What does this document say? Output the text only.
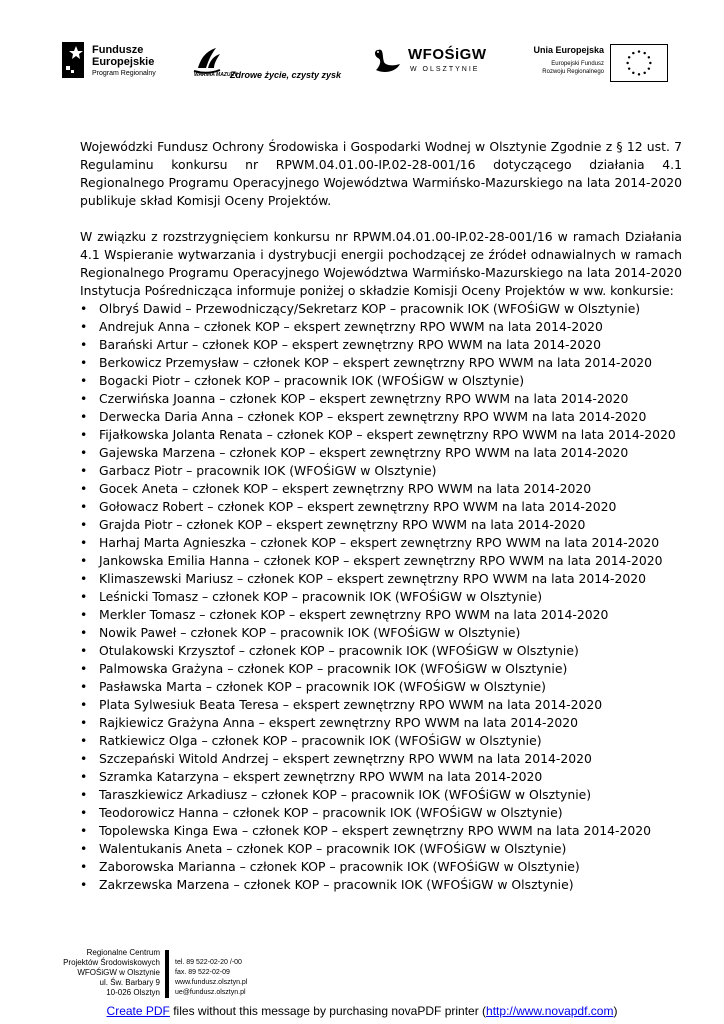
Fundusze
Europejskie
Program Regionalny	WARMIA MAZURY
Zdrowe życie, czysty zysk
WFOŚiGW
W OLSZTYNIE
Unia Europejska
Europejski Fundusz
Rozwoju Regionalnego

Wojewódzki Fundusz Ochrony Środowiska i Gospodarki Wodnej w Olsztynie Zgodnie z § 12 ust. 7 Regulaminu konkursu nr RPWM.04.01.00-IP.02-28-001/16 dotyczącego działania 4.1 Regionalnego Programu Operacyjnego Województwa Warmińsko-Mazurskiego na lata 2014-2020 publikuje skład Komisji Oceny Projektów.

W związku z rozstrzygnięciem konkursu nr RPWM.04.01.00-IP.02-28-001/16 w ramach Działania 4.1 Wspieranie wytwarzania i dystrybucji energii pochodzącej ze źródeł odnawialnych w ramach Regionalnego Programu Operacyjnego Województwa Warmińsko-Mazurskiego na lata 2014-2020 Instytucja Pośrednicząca informuje poniżej o składzie Komisji Oceny Projektów w ww. konkursie:

• Olbryś Dawid – Przewodniczący/Sekretarz KOP – pracownik IOK (WFOŚiGW w Olsztynie)
• Andrejuk Anna – członek KOP – ekspert zewnętrzny RPO WWM na lata 2014-2020
• Barański Artur – członek KOP – ekspert zewnętrzny RPO WWM na lata 2014-2020
• Berkowicz Przemysław – członek KOP – ekspert zewnętrzny RPO WWM na lata 2014-2020
• Bogacki Piotr – członek KOP – pracownik IOK (WFOŚiGW w Olsztynie)
• Czerwińska Joanna – członek KOP – ekspert zewnętrzny RPO WWM na lata 2014-2020
• Derwecka Daria Anna – członek KOP – ekspert zewnętrzny RPO WWM na lata 2014-2020
• Fijałkowska Jolanta Renata – członek KOP – ekspert zewnętrzny RPO WWM na lata 2014-2020
• Gajewska Marzena – członek KOP – ekspert zewnętrzny RPO WWM na lata 2014-2020
• Garbacz Piotr – pracownik IOK (WFOŚiGW w Olsztynie)
• Gocek Aneta – członek KOP – ekspert zewnętrzny RPO WWM na lata 2014-2020
• Gołowacz Robert – członek KOP – ekspert zewnętrzny RPO WWM na lata 2014-2020
• Grajda Piotr – członek KOP – ekspert zewnętrzny RPO WWM na lata 2014-2020
• Harhaj Marta Agnieszka – członek KOP – ekspert zewnętrzny RPO WWM na lata 2014-2020
• Jankowska Emilia Hanna – członek KOP – ekspert zewnętrzny RPO WWM na lata 2014-2020
• Klimaszewski Mariusz – członek KOP – ekspert zewnętrzny RPO WWM na lata 2014-2020
• Leśnicki Tomasz – członek KOP – pracownik IOK (WFOŚiGW w Olsztynie)
• Merkler Tomasz – członek KOP – ekspert zewnętrzny RPO WWM na lata 2014-2020
• Nowik Paweł – członek KOP – pracownik IOK (WFOŚiGW w Olsztynie)
• Otulakowski Krzysztof – członek KOP – pracownik IOK (WFOŚiGW w Olsztynie)
• Palmowska Grażyna – członek KOP – pracownik IOK (WFOŚiGW w Olsztynie)
• Pasławska Marta – członek KOP – pracownik IOK (WFOŚiGW w Olsztynie)
• Plata Sylwesiuk Beata Teresa – ekspert zewnętrzny RPO WWM na lata 2014-2020
• Rajkiewicz Grażyna Anna – ekspert zewnętrzny RPO WWM na lata 2014-2020
• Ratkiewicz Olga – członek KOP – pracownik IOK (WFOŚiGW w Olsztynie)
• Szczepański Witold Andrzej – ekspert zewnętrzny RPO WWM na lata 2014-2020
• Szramka Katarzyna – ekspert zewnętrzny RPO WWM na lata 2014-2020
• Taraszkiewicz Arkadiusz – członek KOP – pracownik IOK (WFOŚiGW w Olsztynie)
• Teodorowicz Hanna – członek KOP – pracownik IOK (WFOŚiGW w Olsztynie)
• Topolewska Kinga Ewa – członek KOP – ekspert zewnętrzny RPO WWM na lata 2014-2020
• Walentukanis Aneta – członek KOP – pracownik IOK (WFOŚiGW w Olsztynie)
• Zaborowska Marianna – członek KOP – pracownik IOK (WFOŚiGW w Olsztynie)
• Zakrzewska Marzena – członek KOP – pracownik IOK (WFOŚiGW w Olsztynie)
Regionalne Centrum
Projektów Środowiskowych
WFOŚiGW w Olsztynie
ul. Św. Barbary 9
10-026 Olsztyn
tel. 89 522-02-20 /-00
fax. 89 522-02-09
www.fundusz.olsztyn.pl
ue@fundusz.olsztyn.pl
Create PDF files without this message by purchasing novaPDF printer (http://www.novapdf.com)
